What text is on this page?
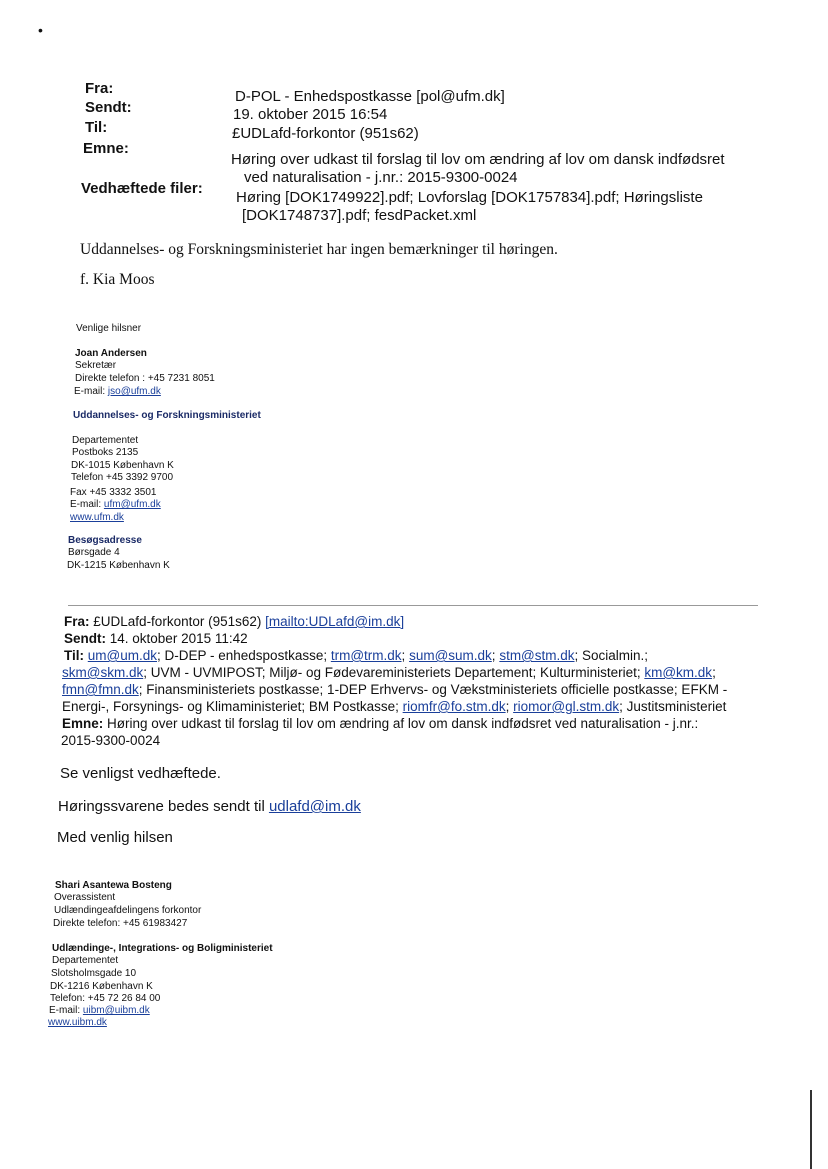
•
Fra:	D-POL - Enhedspostkasse [pol@ufm.dk]
Sendt:	19. oktober 2015 16:54
Til:	£UDLafd-forkontor (951s62)
Emne:
Høring over udkast til forslag til lov om ændring af lov om dansk indfødsret
ved naturalisation - j.nr.: 2015-9300-0024
Vedhæftede filer:
Høring [DOK1749922].pdf; Lovforslag [DOK1757834].pdf; Høringsliste
[DOK1748737].pdf; fesdPacket.xml
Uddannelses- og Forskningsministeriet har ingen bemærkninger til høringen.
f. Kia Moos
Venlige hilsner
Joan Andersen
Sekretær
Direkte telefon : +45 7231 8051
E-mail: jso@ufm.dk
Uddannelses- og Forskningsministeriet
Departementet
Postboks 2135
DK-1015 København K
Telefon +45 3392 9700
Fax +45 3332 3501
E-mail: ufm@ufm.dk
www.ufm.dk
Besøgsadresse
Børsgade 4
DK-1215 København K
Fra: £UDLafd-forkontor (951s62) [mailto:UDLafd@im.dk]
Sendt: 14. oktober 2015 11:42
Til: um@um.dk; D-DEP - enhedspostkasse; trm@trm.dk; sum@sum.dk; stm@stm.dk; Socialmin.;
skm@skm.dk; UVM - UVMIPOST; Miljø- og Fødevareministeriets Departement; Kulturministeriet; km@km.dk;
fmn@fmn.dk; Finansministeriets postkasse; 1-DEP Erhvervs- og Vækstministeriets officielle postkasse; EFKM -
Energi-, Forsynings- og Klimaministeriet; BM Postkasse; riomfr@fo.stm.dk; riomor@gl.stm.dk; Justitsministeriet
Emne: Høring over udkast til forslag til lov om ændring af lov om dansk indfødsret ved naturalisation - j.nr.:
2015-9300-0024
Se venligst vedhæftede.
Høringssvarene bedes sendt til udlafd@im.dk
Med venlig hilsen
Shari Asantewa Bosteng
Overassistent
Udlændingeafdelingens forkontor
Direkte telefon: +45 61983427
Udlændinge-, Integrations- og Boligministeriet
Departementet
Slotsholmsgade 10
DK-1216 København K
Telefon: +45 72 26 84 00
E-mail: uibm@uibm.dk
www.uibm.dk
